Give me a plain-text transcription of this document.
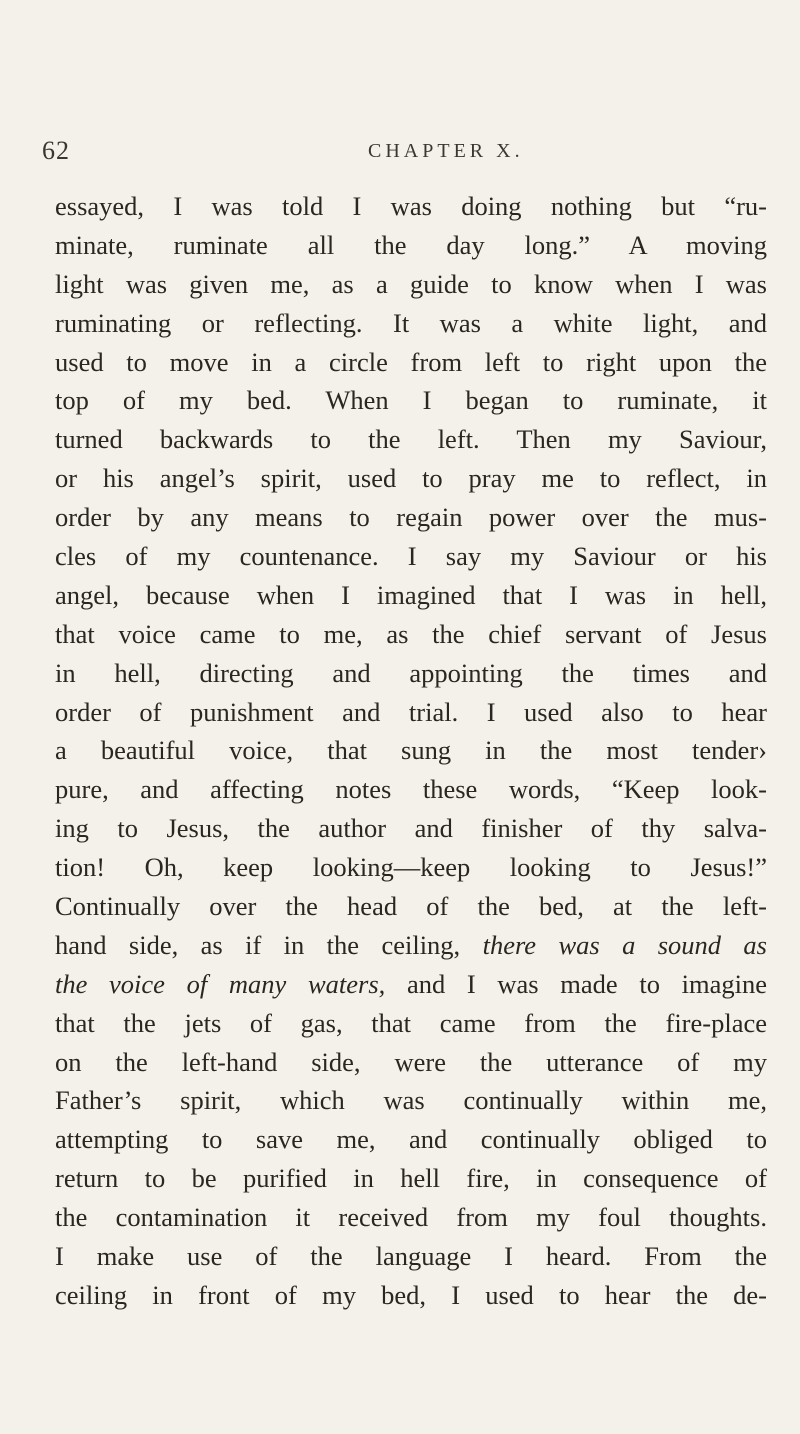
62	CHAPTER X.
essayed, I was told I was doing nothing but “ru-
minate, ruminate all the day long.” A moving
light was given me, as a guide to know when I was
ruminating or reflecting. It was a white light, and
used to move in a circle from left to right upon the
top of my bed. When I began to ruminate, it
turned backwards to the left. Then my Saviour,
or his angel’s spirit, used to pray me to reflect, in
order by any means to regain power over the mus-
cles of my countenance. I say my Saviour or his
angel, because when I imagined that I was in hell,
that voice came to me, as the chief servant of Jesus
in hell, directing and appointing the times and
order of punishment and trial. I used also to hear
a beautiful voice, that sung in the most tender›
pure, and affecting notes these words, “Keep look-
ing to Jesus, the author and finisher of thy salva-
tion! Oh, keep looking—keep looking to Jesus!”
Continually over the head of the bed, at the left-
hand side, as if in the ceiling, there was a sound as
the voice of many waters, and I was made to imagine
that the jets of gas, that came from the fire-place
on the left-hand side, were the utterance of my
Father’s spirit, which was continually within me,
attempting to save me, and continually obliged to
return to be purified in hell fire, in consequence of
the contamination it received from my foul thoughts.
I make use of the language I heard. From the
ceiling in front of my bed, I used to hear the de-
